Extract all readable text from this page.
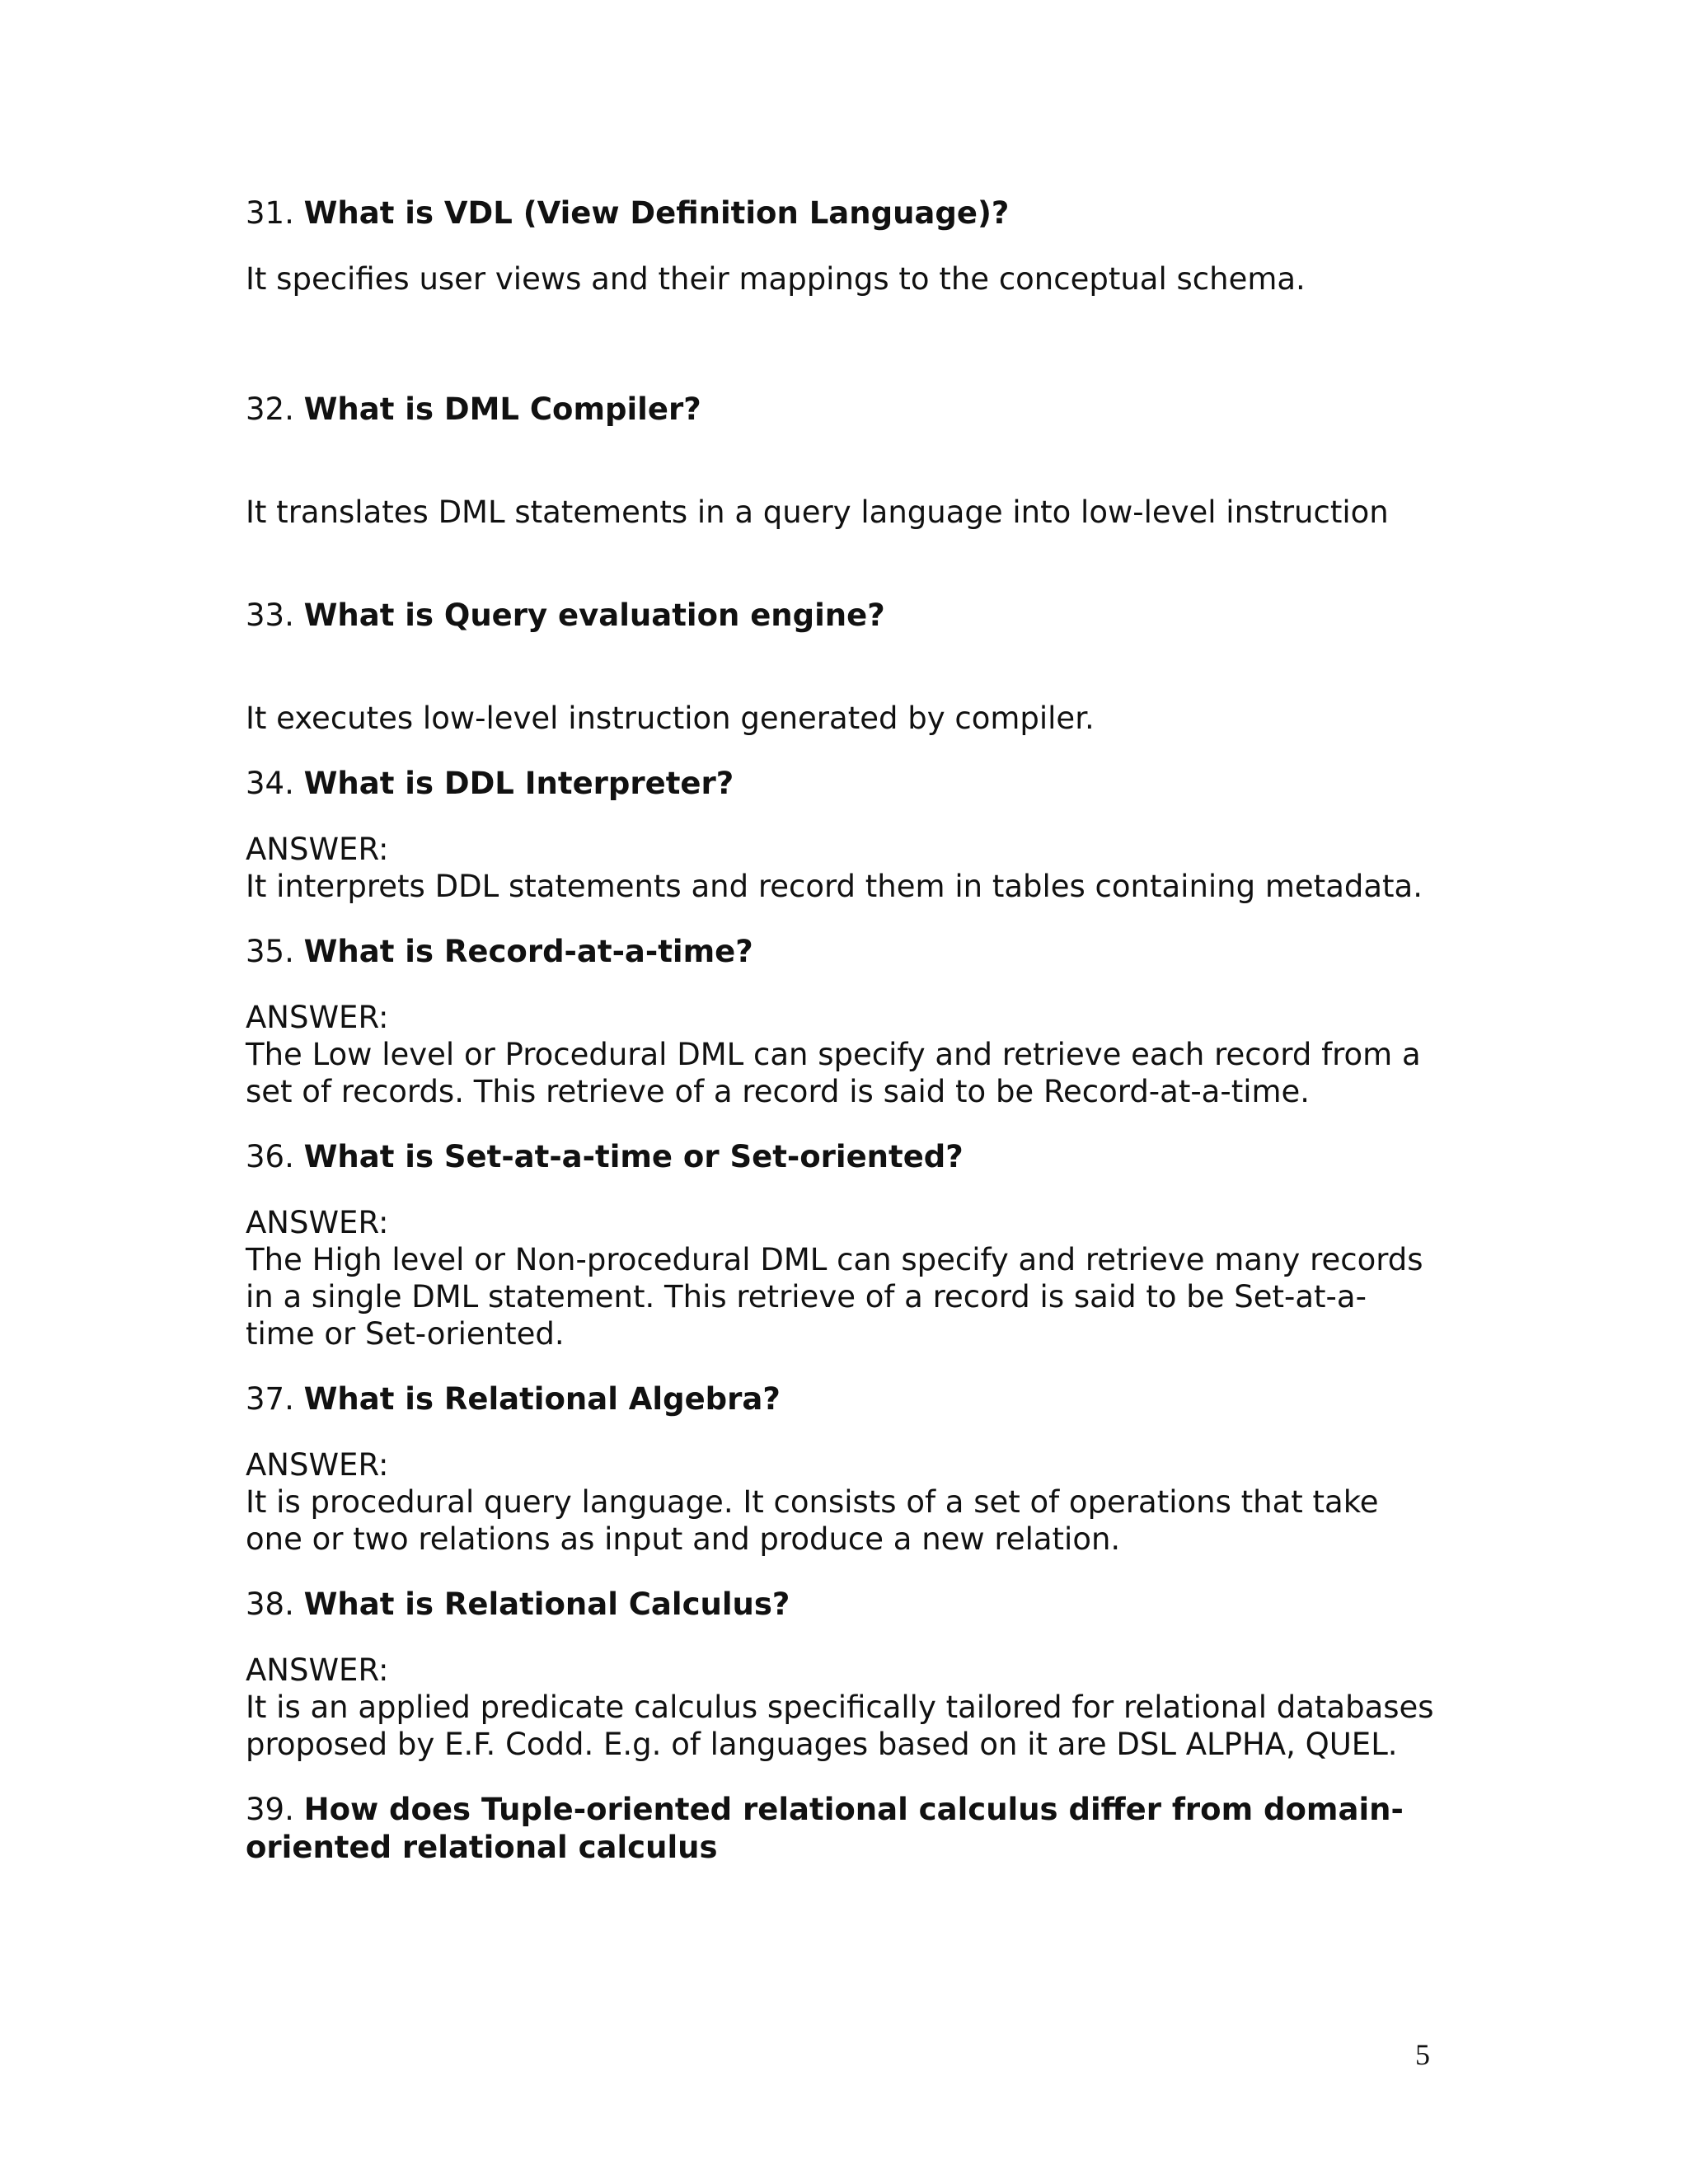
31. What is VDL (View Definition Language)?

It specifies user views and their mappings to the conceptual schema.

32. What is DML Compiler?

It translates DML statements in a query language into low-level instruction

33. What is Query evaluation engine?

It executes low-level instruction generated by compiler.

34. What is DDL Interpreter?

ANSWER:

It interprets DDL statements and record them in tables containing metadata.

35. What is Record-at-a-time?

ANSWER:

The Low level or Procedural DML can specify and retrieve each record from a

set of records. This retrieve of a record is said to be Record-at-a-time.

36. What is Set-at-a-time or Set-oriented?

ANSWER:

The High level or Non-procedural DML can specify and retrieve many records

in a single DML statement. This retrieve of a record is said to be Set-at-a-

time or Set-oriented.

37. What is Relational Algebra?

ANSWER:

It is procedural query language. It consists of a set of operations that take

one or two relations as input and produce a new relation.

38. What is Relational Calculus?

ANSWER:

It is an applied predicate calculus specifically tailored for relational databases

proposed by E.F. Codd. E.g. of languages based on it are DSL ALPHA, QUEL.

39. How does Tuple-oriented relational calculus differ from domain-

oriented relational calculus

5
